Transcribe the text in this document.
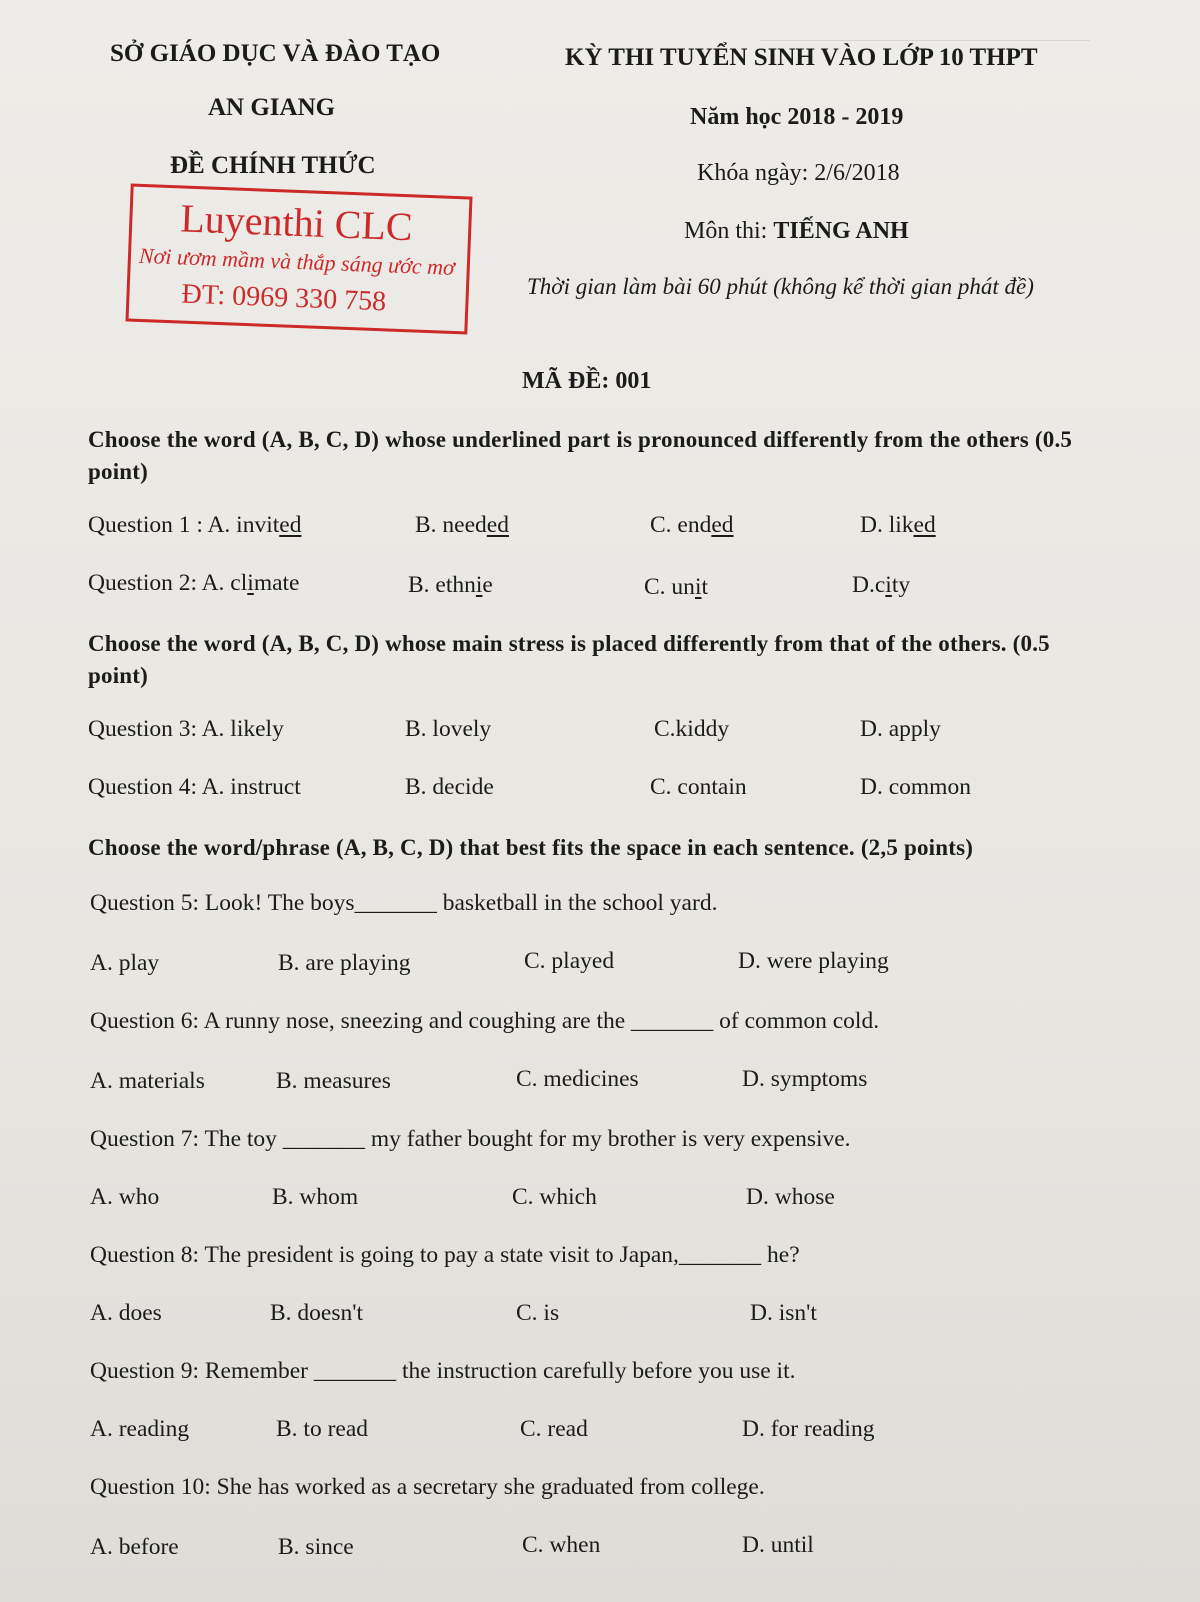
SỞ GIÁO DỤC VÀ ĐÀO TẠO
AN GIANG
ĐỀ CHÍNH THỨC
KỲ THI TUYỂN SINH VÀO LỚP 10 THPT
Năm học 2018 - 2019
Khóa ngày: 2/6/2018
Môn thi: TIẾNG ANH
Thời gian làm bài 60 phút (không kể thời gian phát đề)
Luyenthi CLC
Nơi ươm mầm và thắp sáng ước mơ
ĐT: 0969 330 758
MÃ ĐỀ: 001
Choose the word (A, B, C, D) whose underlined part is pronounced differently from the others (0.5 point)
Question 1 : A. invited	B. needed	C. ended	D. liked
Question 2: A. climate	B. ethnie	C. unit	D.city
Choose the word (A, B, C, D) whose main stress is placed differently from that of the others. (0.5 point)
Question 3: A. likely	B. lovely	C.kiddy	D. apply
Question 4: A. instruct	B. decide	C. contain	D. common
Choose the word/phrase (A, B, C, D) that best fits the space in each sentence. (2,5 points)
Question 5: Look! The boys_______ basketball in the school yard.
A. play	B. are playing	C. played	D. were playing
Question 6: A runny nose, sneezing and coughing are the _______ of common cold.
A. materials	B. measures	C. medicines	D. symptoms
Question 7: The toy _______ my father bought for my brother is very expensive.
A. who	B. whom	C. which	D. whose
Question 8: The president is going to pay a state visit to Japan,_______ he?
A. does	B. doesn't	C. is	D. isn't
Question 9: Remember _______ the instruction carefully before you use it.
A. reading	B. to read	C. read	D. for reading
Question 10: She has worked as a secretary she graduated from college.
A. before	B. since	C. when	D. until
